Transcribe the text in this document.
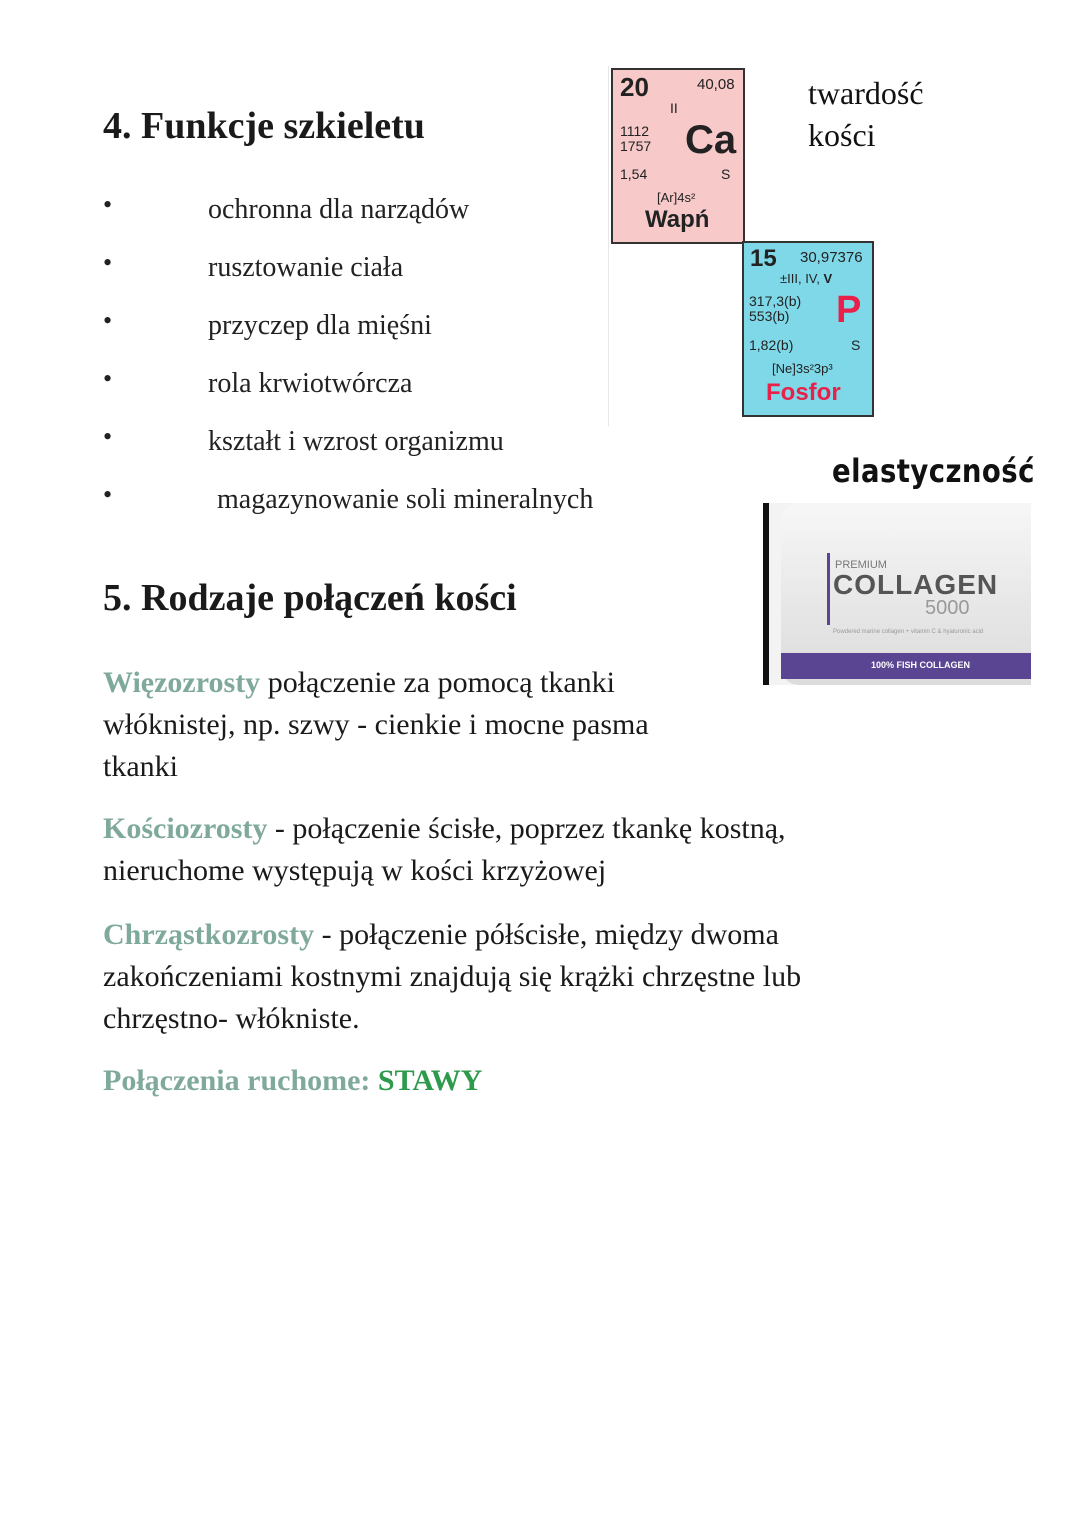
4. Funkcje szkieletu
•	ochronna dla narządów
•	rusztowanie ciała
•	przyczep dla mięśni
•	rola krwiotwórcza
•	kształt i wzrost organizmu
•	magazynowanie soli mineralnych
20	40,08
II
Ca
1112
1757
1,54	S
[Ar]4s²
Wapń
15 30,97376
±III, IV, V
317,3(b)
553(b) P
1,82(b)	S
[Ne]3s²3p³
Fosfor
twardość
kości
elastyczność
PREMIUM
COLLAGEN
5000
Powdered marine collagen + vitamin C & hyaluronic acid
100% FISH COLLAGEN
5. Rodzaje połączeń kości
Więzozrosty połączenie za pomocą tkanki
włóknistej, np. szwy - cienkie i mocne pasma
tkanki
Kościozrosty - połączenie ścisłe, poprzez tkankę kostną,
nieruchome występują w kości krzyżowej
Chrząstkozrosty - połączenie półścisłe, między dwoma
zakończeniami kostnymi znajdują się krążki chrzęstne lub
chrzęstno- włókniste.
Połączenia ruchome: STAWY
